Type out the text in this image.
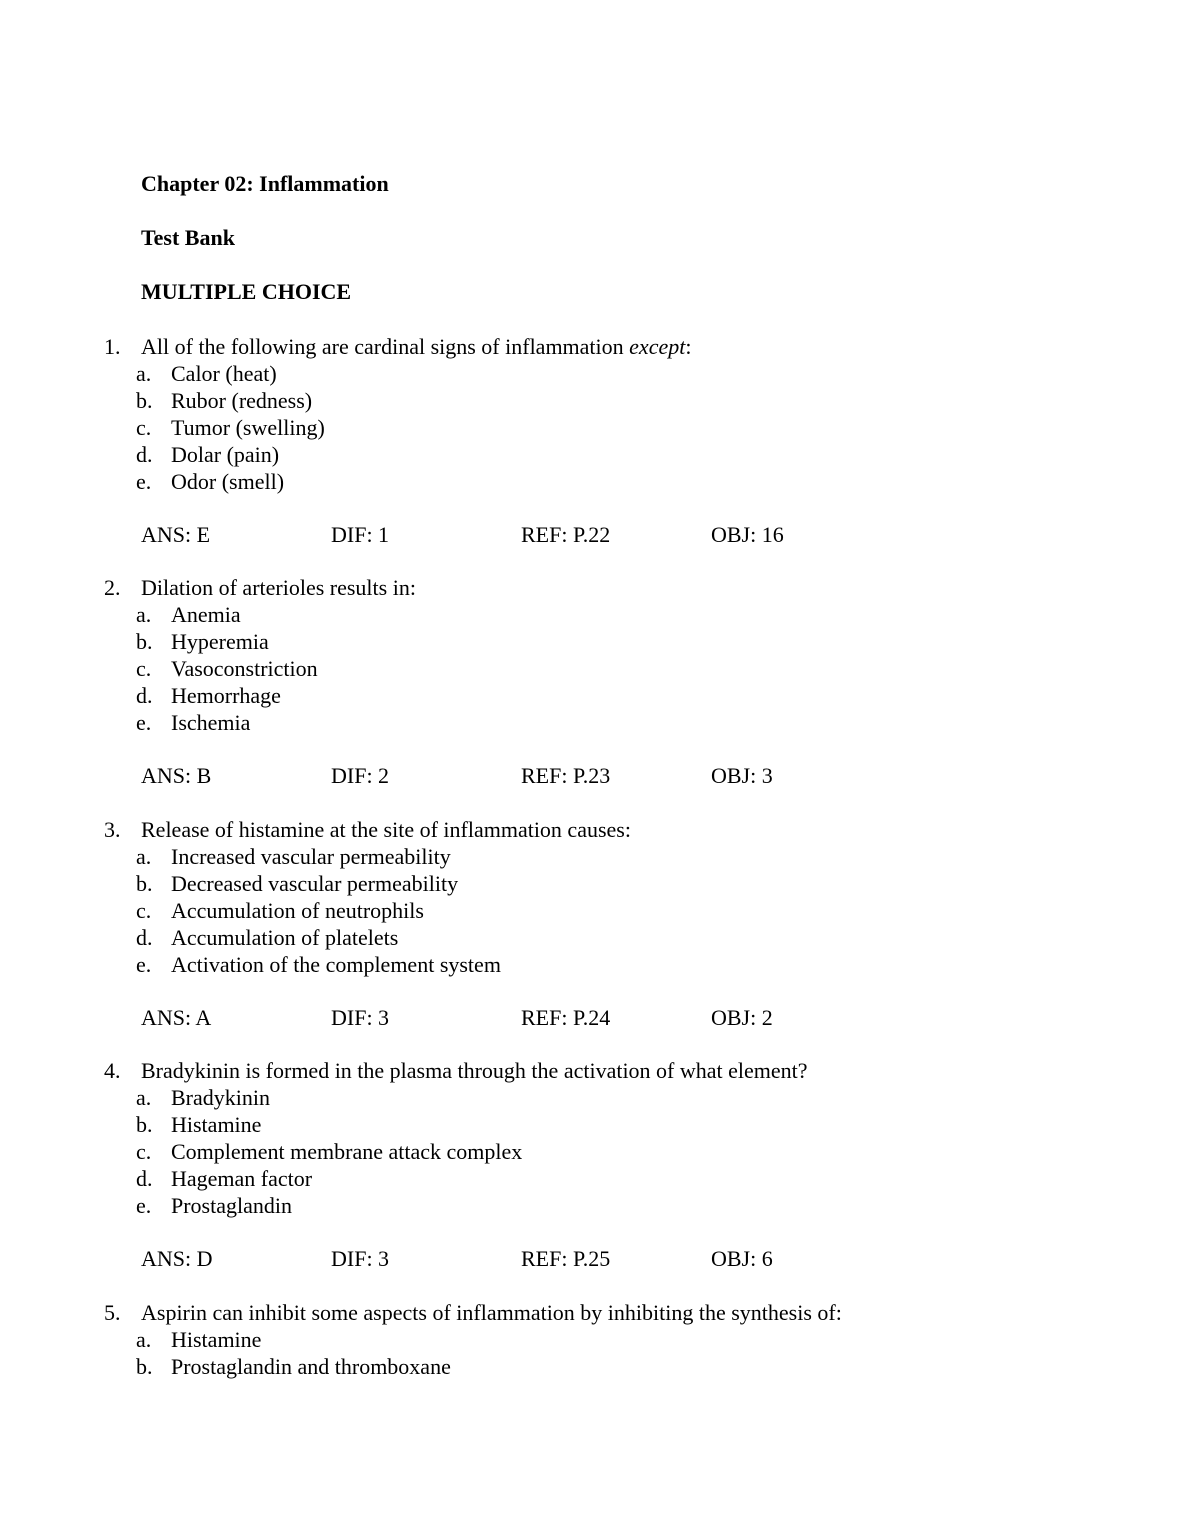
Chapter 02: Inflammation
Test Bank
MULTIPLE CHOICE
1. All of the following are cardinal signs of inflammation except:
a. Calor (heat)
b. Rubor (redness)
c. Tumor (swelling)
d. Dolar (pain)
e. Odor (smell)
ANS: E	DIF: 1	REF: P.22	OBJ: 16
2. Dilation of arterioles results in:
a. Anemia
b. Hyperemia
c. Vasoconstriction
d. Hemorrhage
e. Ischemia
ANS: B	DIF: 2	REF: P.23	OBJ: 3
3. Release of histamine at the site of inflammation causes:
a. Increased vascular permeability
b. Decreased vascular permeability
c. Accumulation of neutrophils
d. Accumulation of platelets
e. Activation of the complement system
ANS: A	DIF: 3	REF: P.24	OBJ: 2
4. Bradykinin is formed in the plasma through the activation of what element?
a. Bradykinin
b. Histamine
c. Complement membrane attack complex
d. Hageman factor
e. Prostaglandin
ANS: D	DIF: 3	REF: P.25	OBJ: 6
5. Aspirin can inhibit some aspects of inflammation by inhibiting the synthesis of:
a. Histamine
b. Prostaglandin and thromboxane
